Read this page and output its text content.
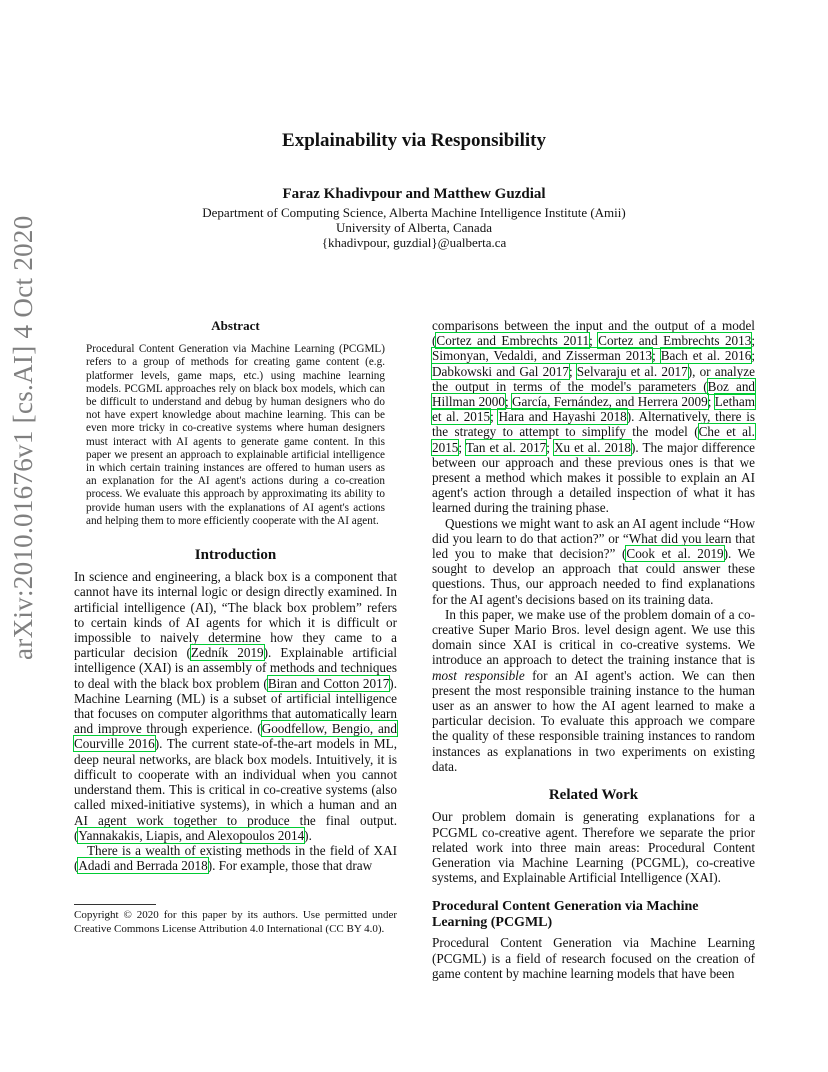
arXiv:2010.01676v1 [cs.AI] 4 Oct 2020
Explainability via Responsibility
Faraz Khadivpour and Matthew Guzdial
Department of Computing Science, Alberta Machine Intelligence Institute (Amii)
University of Alberta, Canada
{khadivpour, guzdial}@ualberta.ca
Abstract

Procedural Content Generation via Machine Learning (PCGML) refers to a group of methods for creating game content (e.g. platformer levels, game maps, etc.) using machine learning models. PCGML approaches rely on black box models, which can be difficult to understand and debug by human designers who do not have expert knowledge about machine learning. This can be even more tricky in co-creative systems where human designers must interact with AI agents to generate game content. In this paper we present an approach to explainable artificial intelligence in which certain training instances are offered to human users as an explanation for the AI agent's actions during a co-creation process. We evaluate this approach by approximating its ability to provide human users with the explanations of AI agent's actions and helping them to more efficiently cooperate with the AI agent.

Introduction

In science and engineering, a black box is a component that cannot have its internal logic or design directly examined. In artificial intelligence (AI), “The black box problem” refers to certain kinds of AI agents for which it is difficult or impossible to naively determine how they came to a particular decision (Zedník 2019). Explainable artificial intelligence (XAI) is an assembly of methods and techniques to deal with the black box problem (Biran and Cotton 2017). Machine Learning (ML) is a subset of artificial intelligence that focuses on computer algorithms that automatically learn and improve through experience. (Goodfellow, Bengio, and Courville 2016). The current state-of-the-art models in ML, deep neural networks, are black box models. Intuitively, it is difficult to cooperate with an individual when you cannot understand them. This is critical in co-creative systems (also called mixed-initiative systems), in which a human and an AI agent work together to produce the final output. (Yannakakis, Liapis, and Alexopoulos 2014).

There is a wealth of existing methods in the field of XAI (Adadi and Berrada 2018). For example, those that draw

comparisons between the input and the output of a model (Cortez and Embrechts 2011; Cortez and Embrechts 2013; Simonyan, Vedaldi, and Zisserman 2013; Bach et al. 2016; Dabkowski and Gal 2017; Selvaraju et al. 2017), or analyze the output in terms of the model's parameters (Boz and Hillman 2000; García, Fernández, and Herrera 2009; Letham et al. 2015; Hara and Hayashi 2018). Alternatively, there is the strategy to attempt to simplify the model (Che et al. 2015; Tan et al. 2017; Xu et al. 2018). The major difference between our approach and these previous ones is that we present a method which makes it possible to explain an AI agent's action through a detailed inspection of what it has learned during the training phase.

Questions we might want to ask an AI agent include “How did you learn to do that action?” or “What did you learn that led you to make that decision?” (Cook et al. 2019). We sought to develop an approach that could answer these questions. Thus, our approach needed to find explanations for the AI agent's decisions based on its training data.

In this paper, we make use of the problem domain of a co-creative Super Mario Bros. level design agent. We use this domain since XAI is critical in co-creative systems. We introduce an approach to detect the training instance that is most responsible for an AI agent's action. We can then present the most responsible training instance to the human user as an answer to how the AI agent learned to make a particular decision. To evaluate this approach we compare the quality of these responsible training instances to random instances as explanations in two experiments on existing data.

Related Work

Our problem domain is generating explanations for a PCGML co-creative agent. Therefore we separate the prior related work into three main areas: Procedural Content Generation via Machine Learning (PCGML), co-creative systems, and Explainable Artificial Intelligence (XAI).

Procedural Content Generation via Machine Learning (PCGML)

Procedural Content Generation via Machine Learning (PCGML) is a field of research focused on the creation of game content by machine learning models that have been

Copyright © 2020 for this paper by its authors. Use permitted under Creative Commons License Attribution 4.0 International (CC BY 4.0).
